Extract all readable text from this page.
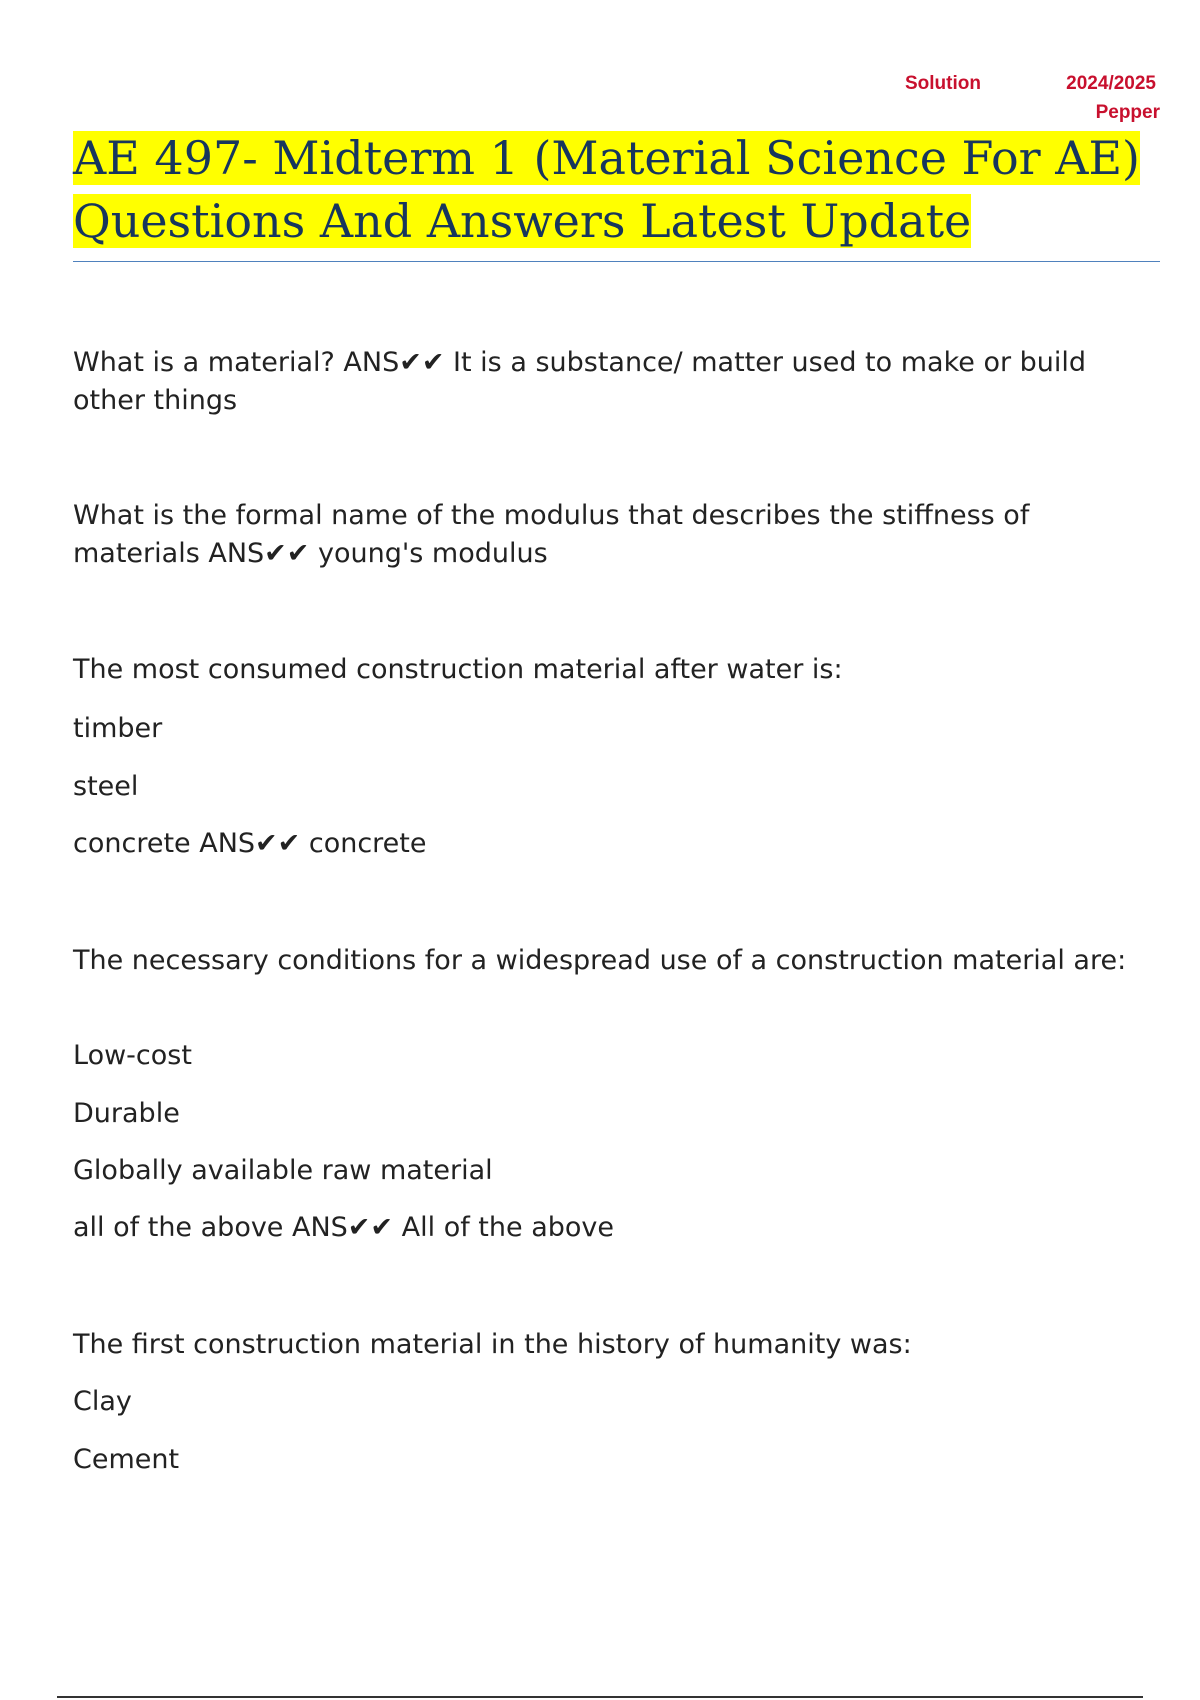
Solution	2024/2025
Pepper
AE 497- Midterm 1 (Material Science For AE)
Questions And Answers Latest Update
What is a material? ANS✔✔ It is a substance/ matter used to make or build other things
What is the formal name of the modulus that describes the stiffness of materials ANS✔✔ young's modulus
The most consumed construction material after water is:
timber
steel
concrete ANS✔✔ concrete
The necessary conditions for a widespread use of a construction material are:
Low-cost
Durable
Globally available raw material
all of the above ANS✔✔ All of the above
The first construction material in the history of humanity was:
Clay
Cement
